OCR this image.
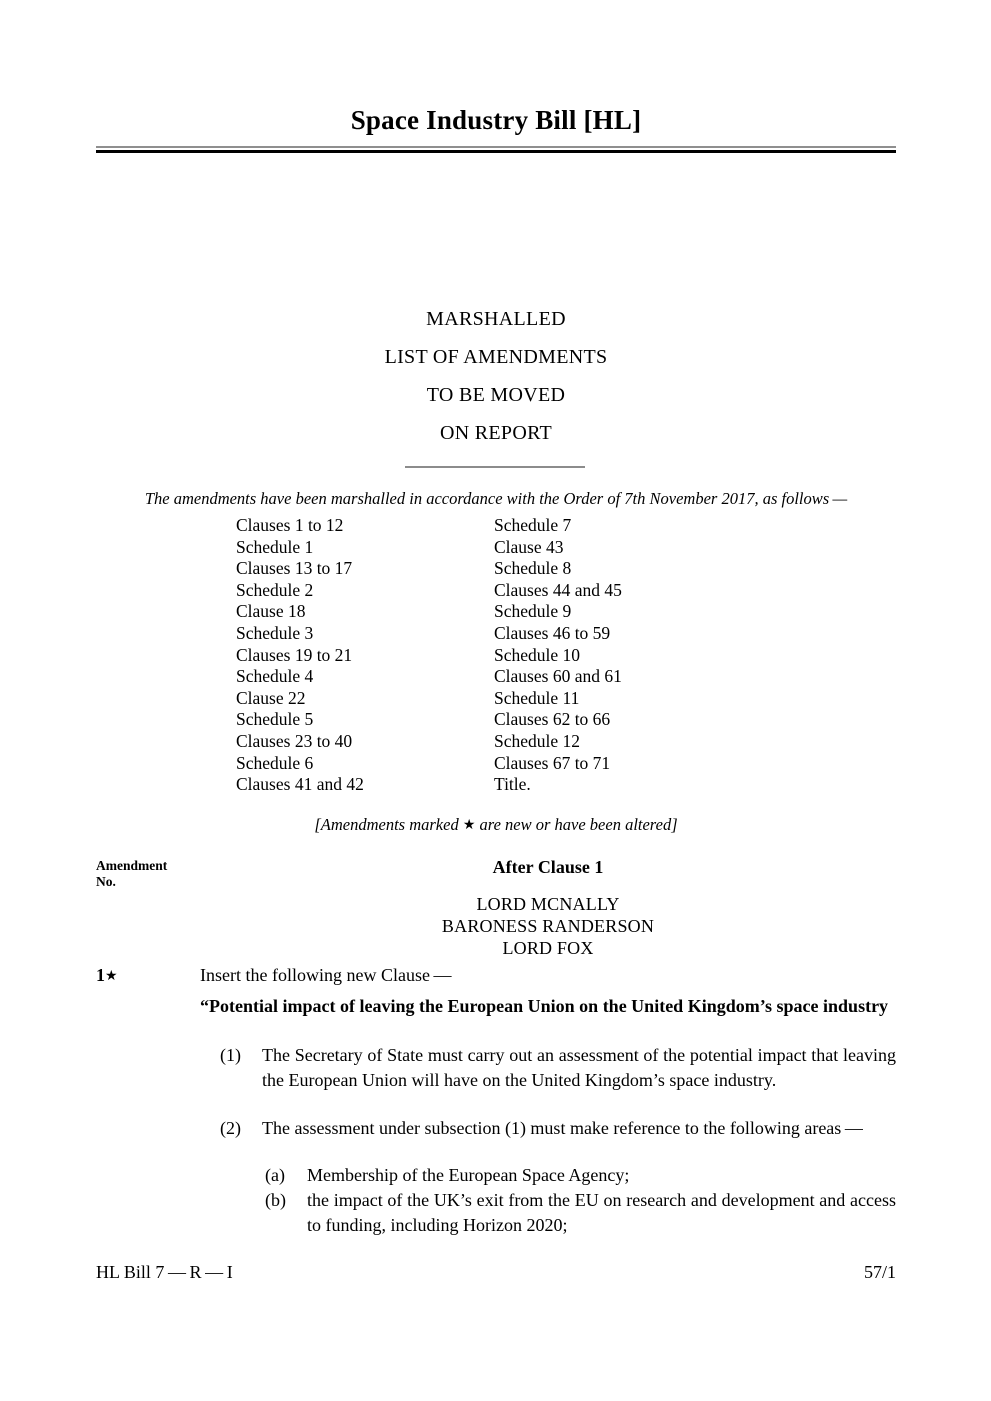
Space Industry Bill [HL]
MARSHALLED
LIST OF AMENDMENTS
TO BE MOVED
ON REPORT
The amendments have been marshalled in accordance with the Order of 7th November 2017, as follows —
Clauses 1 to 12
Schedule 1
Clauses 13 to 17
Schedule 2
Clause 18
Schedule 3
Clauses 19 to 21
Schedule 4
Clause 22
Schedule 5
Clauses 23 to 40
Schedule 6
Clauses 41 and 42
Schedule 7
Clause 43
Schedule 8
Clauses 44 and 45
Schedule 9
Clauses 46 to 59
Schedule 10
Clauses 60 and 61
Schedule 11
Clauses 62 to 66
Schedule 12
Clauses 67 to 71
Title.
[Amendments marked ★ are new or have been altered]
Amendment
No.
After Clause 1
LORD MCNALLY
BARONESS RANDERSON
LORD FOX
1★	Insert the following new Clause —
“Potential impact of leaving the European Union on the United Kingdom’s space industry
(1)	The Secretary of State must carry out an assessment of the potential impact that leaving the European Union will have on the United Kingdom’s space industry.
(2)	The assessment under subsection (1) must make reference to the following areas —
(a)	Membership of the European Space Agency;
(b)	the impact of the UK’s exit from the EU on research and development and access to funding, including Horizon 2020;
HL Bill 7 — R — I	57/1
